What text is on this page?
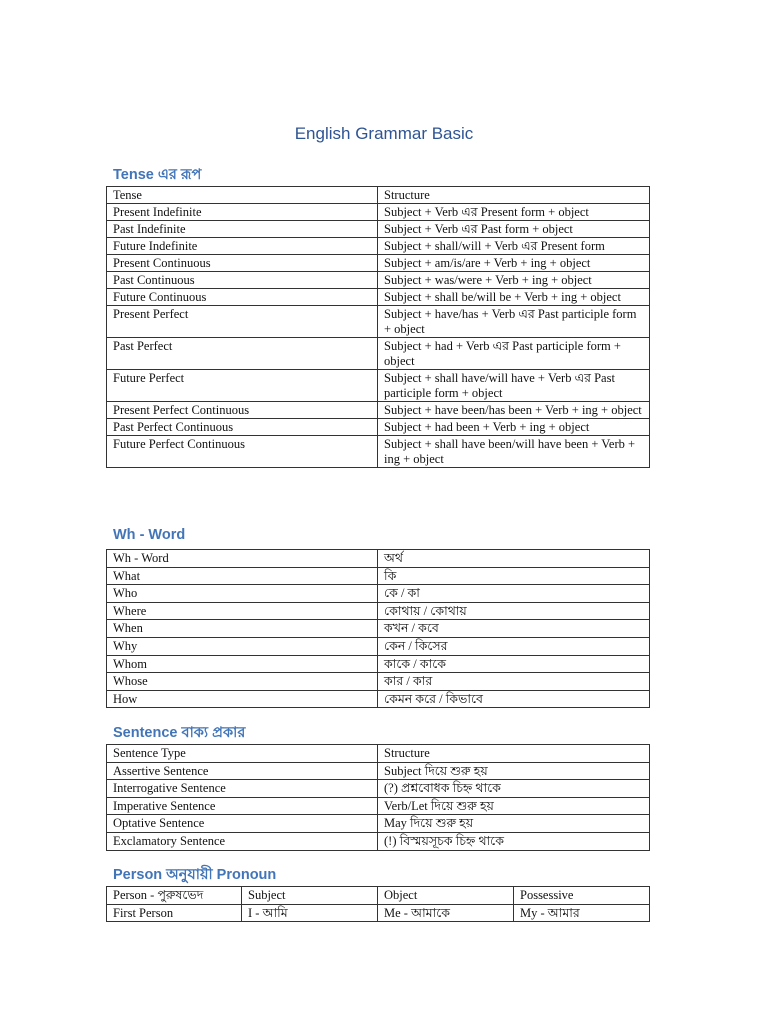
English Grammar Basic
Tense এর রূপ
Tense	Structure
Present Indefinite	Subject + Verb এর Present form + object
Past Indefinite	Subject + Verb এর Past form + object
Future Indefinite	Subject + shall/will + Verb এর Present form
Present Continuous	Subject + am/is/are + Verb + ing + object
Past Continuous	Subject + was/were + Verb + ing + object
Future Continuous	Subject + shall be/will be + Verb + ing + object
Present Perfect	Subject + have/has + Verb এর Past participle form + object
Past Perfect	Subject + had + Verb এর Past participle form + object
Future Perfect	Subject + shall have/will have + Verb এর Past participle form + object
Present Perfect Continuous	Subject + have been/has been + Verb + ing + object
Past Perfect Continuous	Subject + had been + Verb + ing + object
Future Perfect Continuous	Subject + shall have been/will have been + Verb + ing + object
Wh - Word
Wh - Word	অর্থ
What	কি
Who	কে / কা
Where	কোথায় / কোথায়
When	কখন / কবে
Why	কেন / কিসের
Whom	কাকে / কাকে
Whose	কার / কার
How	কেমন করে / কিভাবে
Sentence বাক্য প্রকার
Sentence Type	Structure
Assertive Sentence	Subject দিয়ে শুরু হয়
Interrogative Sentence	(?) প্রশ্নবোধক চিহ্ন থাকে
Imperative Sentence	Verb/Let দিয়ে শুরু হয়
Optative Sentence	May দিয়ে শুরু হয়
Exclamatory Sentence	(!) বিস্ময়সূচক চিহ্ন থাকে
Person অনুযায়ী Pronoun
Person - পুরুষভেদ	Subject	Object	Possessive
First Person	I - আমি	Me - আমাকে	My - আমার
